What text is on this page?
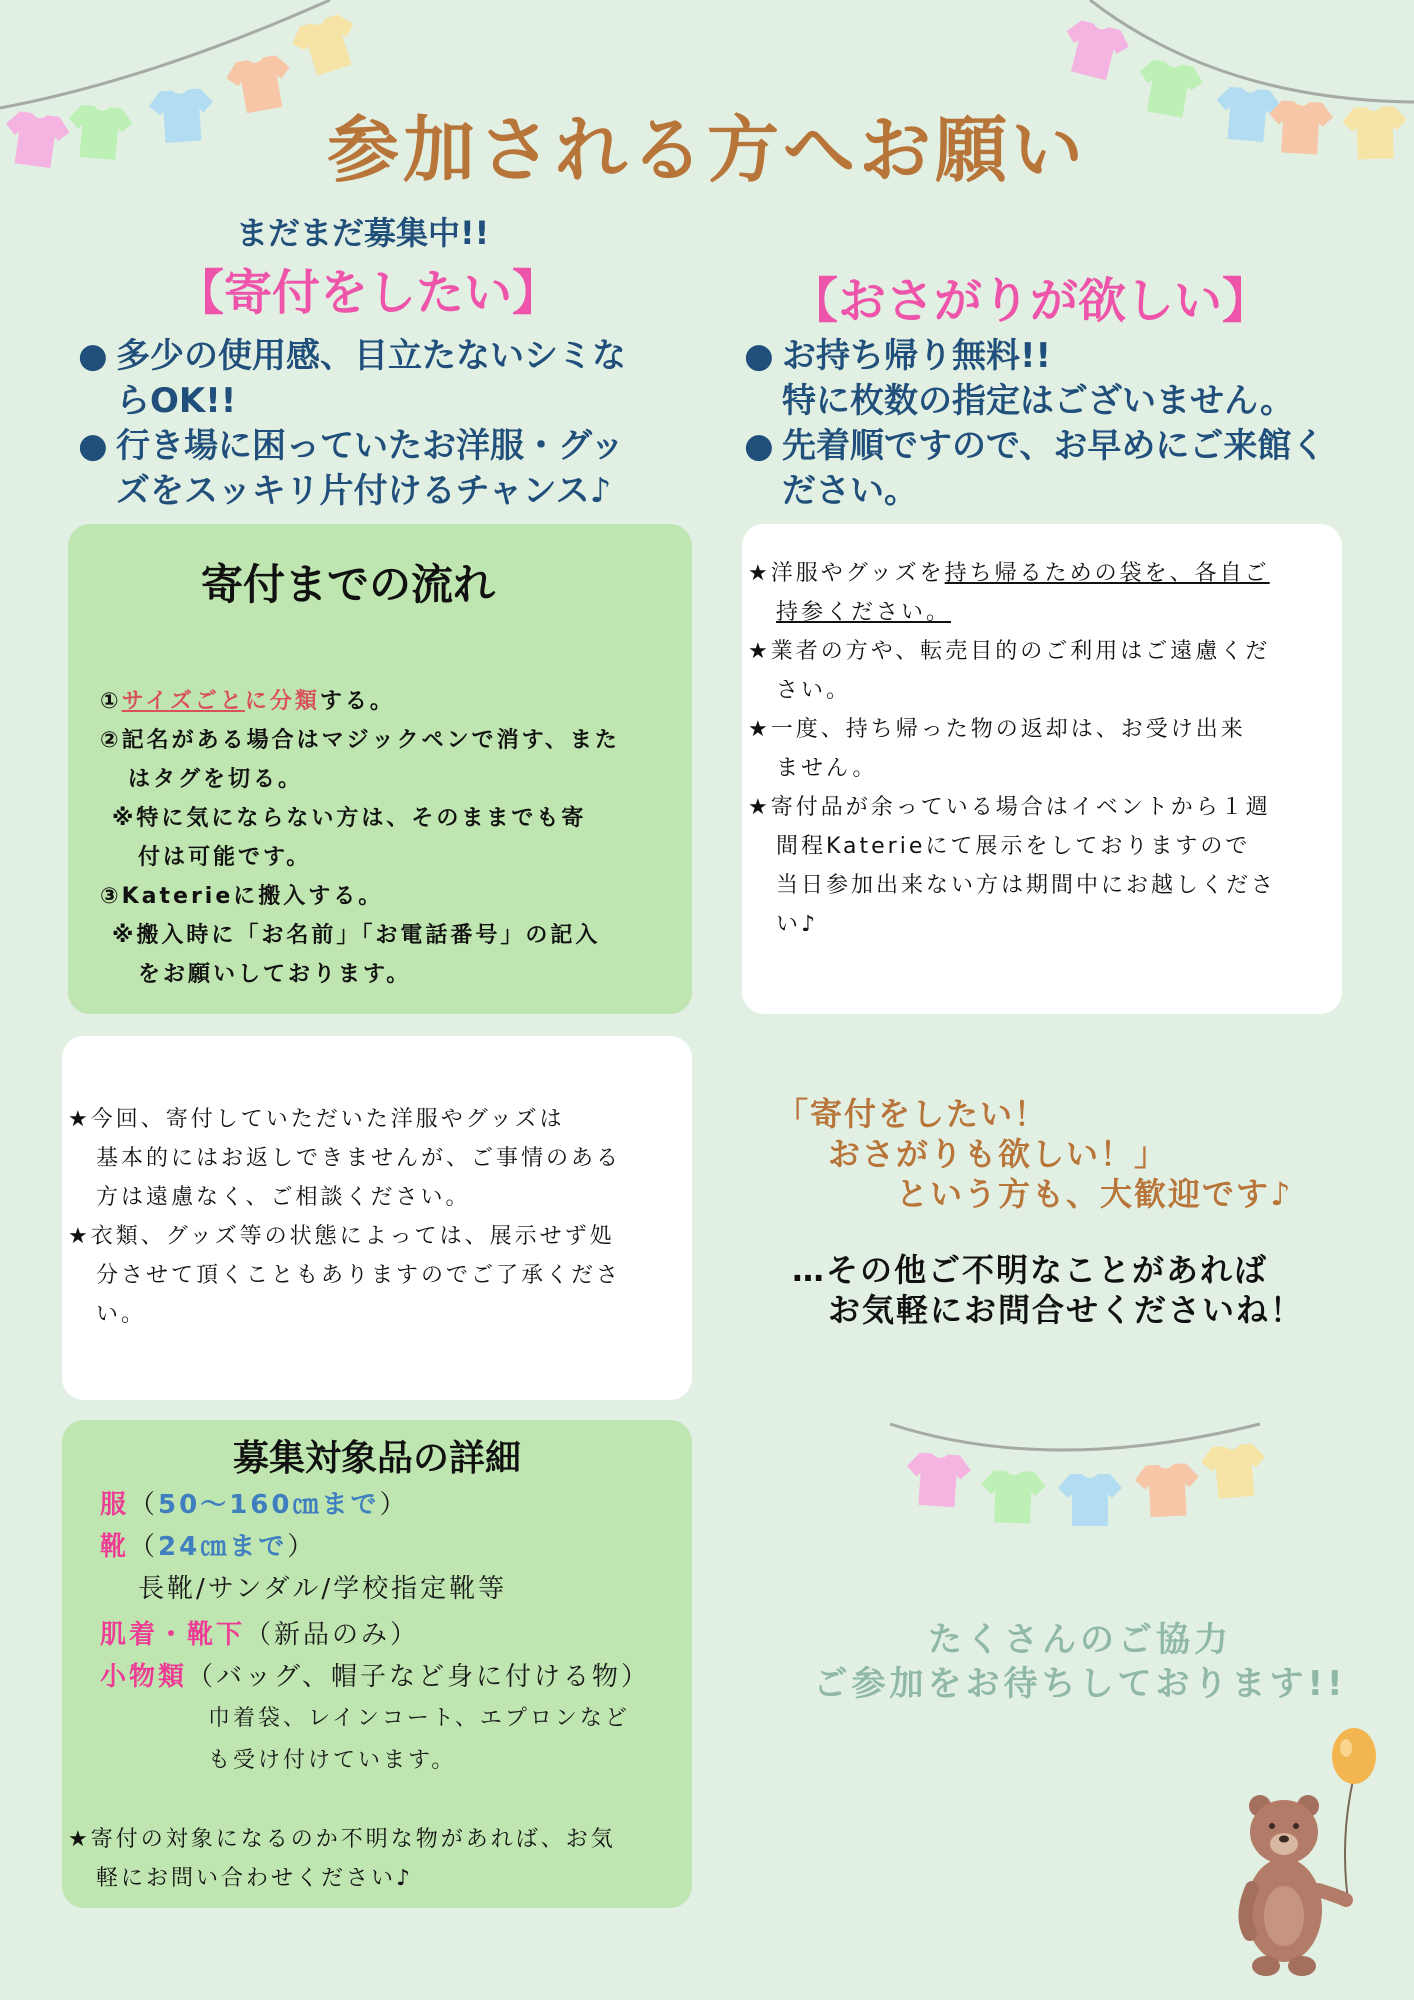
参加される方へお願い
まだまだ募集中!!
【寄付をしたい】
● 多少の使用感、目立たないシミな
らOK!!
● 行き場に困っていたお洋服・グッ
ズをスッキリ片付けるチャンス♪
【おさがりが欲しい】
● お持ち帰り無料!!
特に枚数の指定はございません。
● 先着順ですので、お早めにご来館く
ださい。
寄付までの流れ
①サイズごとに分類する。
②記名がある場合はマジックペンで消す、また
はタグを切る。
※特に気にならない方は、そのままでも寄
付は可能です。
③Katerieに搬入する。
※搬入時に「お名前」「お電話番号」の記入
をお願いしております。
★洋服やグッズを持ち帰るための袋を、各自ご
持参ください。
★業者の方や、転売目的のご利用はご遠慮くだ
さい。
★一度、持ち帰った物の返却は、お受け出来
ません。
★寄付品が余っている場合はイベントから１週
間程Katerieにて展示をしておりますので
当日参加出来ない方は期間中にお越しくださ
い♪
★今回、寄付していただいた洋服やグッズは
基本的にはお返しできませんが、ご事情のある
方は遠慮なく、ご相談ください。
★衣類、グッズ等の状態によっては、展示せず処
分させて頂くこともありますのでご了承くださ
い。
募集対象品の詳細
服（50〜160㎝まで）
靴（24㎝まで）
長靴/サンダル/学校指定靴等
肌着・靴下（新品のみ）
小物類（バッグ、帽子など身に付ける物）
巾着袋、レインコート、エプロンなど
も受け付けています。
★寄付の対象になるのか不明な物があれば、お気
軽にお問い合わせください♪
「寄付をしたい！
おさがりも欲しい！」
という方も、大歓迎です♪
…その他ご不明なことがあれば
お気軽にお問合せくださいね！
たくさんのご協力
ご参加をお待ちしております!!
